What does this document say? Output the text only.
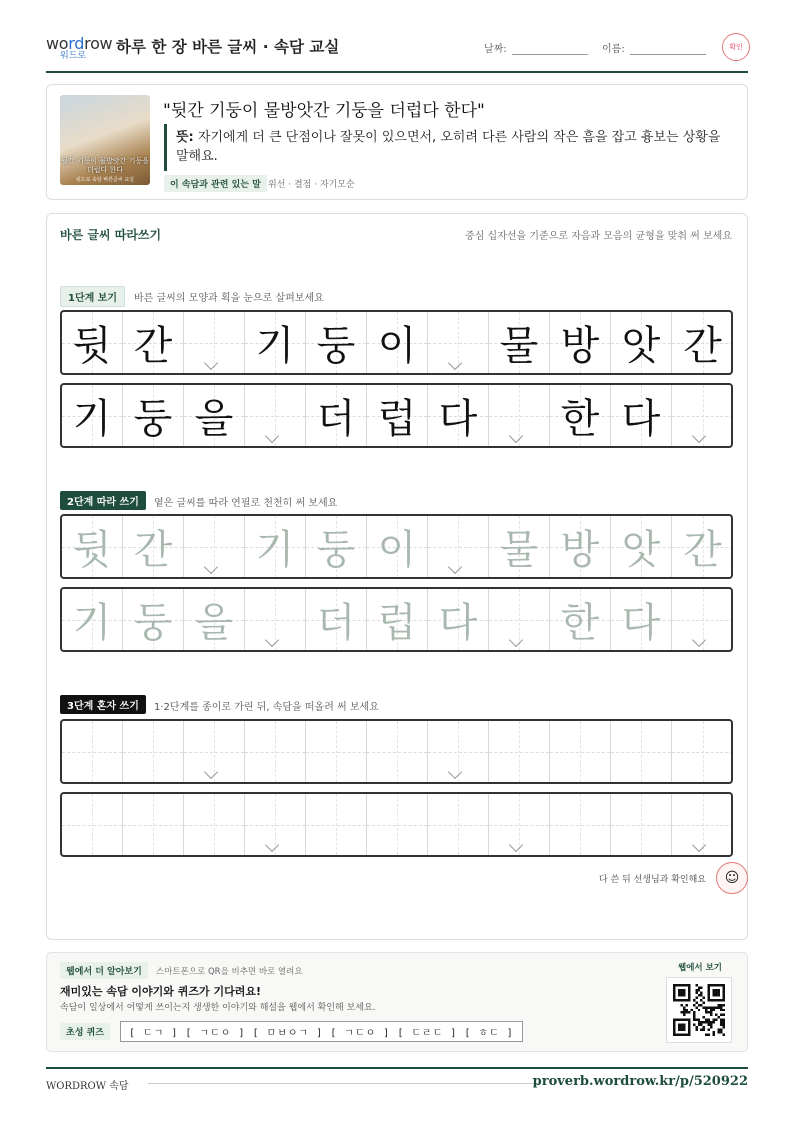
wordrow
워드로 하루 한 장 바른 글씨 · 속담 교실	날짜:	이름:	확인
뒷간 기둥이 물방앗간 기둥을 더럽다 한다
워드로 속담 바른글씨 교실
"뒷간 기둥이 물방앗간 기둥을 더럽다 한다"
뜻: 자기에게 더 큰 단점이나 잘못이 있으면서, 오히려 다른 사람의 작은 흠을 잡고 흉보는 상황을 말해요.
이 속담과 관련 있는 말 위선 · 결점 · 자기모순
바른 글씨 따라쓰기	중심 십자선을 기준으로 자음과 모음의 균형을 맞춰 써 보세요
1단계 보기	바른 글씨의 모양과 획을 눈으로 살펴보세요
뒷 간 기 둥 이 물 방 앗 간
기 둥 을 더 럽 다 한 다
2단계 따라 쓰기	옅은 글씨를 따라 연필로 천천히 써 보세요
뒷 간 기 둥 이 물 방 앗 간
기 둥 을 더 럽 다 한 다
3단계 혼자 쓰기	1·2단계를 종이로 가린 뒤, 속담을 떠올려 써 보세요
다 쓴 뒤 선생님과 확인해요	☺
웹에서 더 알아보기	스마트폰으로 QR을 비추면 바로 열려요
재미있는 속담 이야기와 퀴즈가 기다려요!
속담이 일상에서 어떻게 쓰이는지 생생한 이야기와 해설을 웹에서 확인해 보세요.
초성 퀴즈	[ ㄷㄱ ] [ ㄱㄷㅇ ] [ ㅁㅂㅇㄱ ] [ ㄱㄷㅇ ] [ ㄷㄹㄷ ] [ ㅎㄷ ]
웹에서 보기
WORDROW 속담	proverb.wordrow.kr/p/520922
